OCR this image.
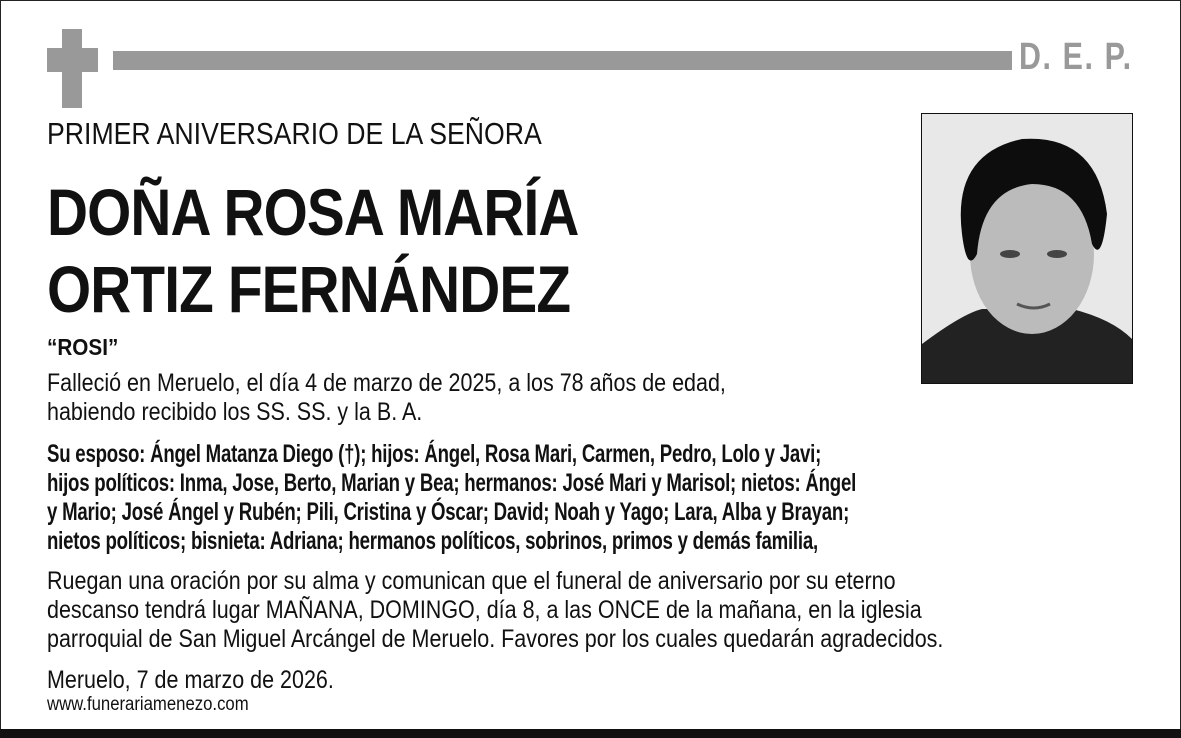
D. E. P.
PRIMER ANIVERSARIO DE LA SEÑORA
DOÑA ROSA MARÍA
ORTIZ FERNÁNDEZ
“ROSI”
Falleció en Meruelo, el día 4 de marzo de 2025, a los 78 años de edad,
habiendo recibido los SS. SS. y la B. A.
Su esposo: Ángel Matanza Diego (†); hijos: Ángel, Rosa Mari, Carmen, Pedro, Lolo y Javi;
hijos políticos: Inma, Jose, Berto, Marian y Bea; hermanos: José Mari y Marisol; nietos: Ángel
y Mario; José Ángel y Rubén; Pili, Cristina y Óscar; David; Noah y Yago; Lara, Alba y Brayan;
nietos políticos; bisnieta: Adriana; hermanos políticos, sobrinos, primos y demás familia,
Ruegan una oración por su alma y comunican que el funeral de aniversario por su eterno
descanso tendrá lugar MAÑANA, DOMINGO, día 8, a las ONCE de la mañana, en la iglesia
parroquial de San Miguel Arcángel de Meruelo. Favores por los cuales quedarán agradecidos.
Meruelo, 7 de marzo de 2026.
www.funerariamenezo.com
